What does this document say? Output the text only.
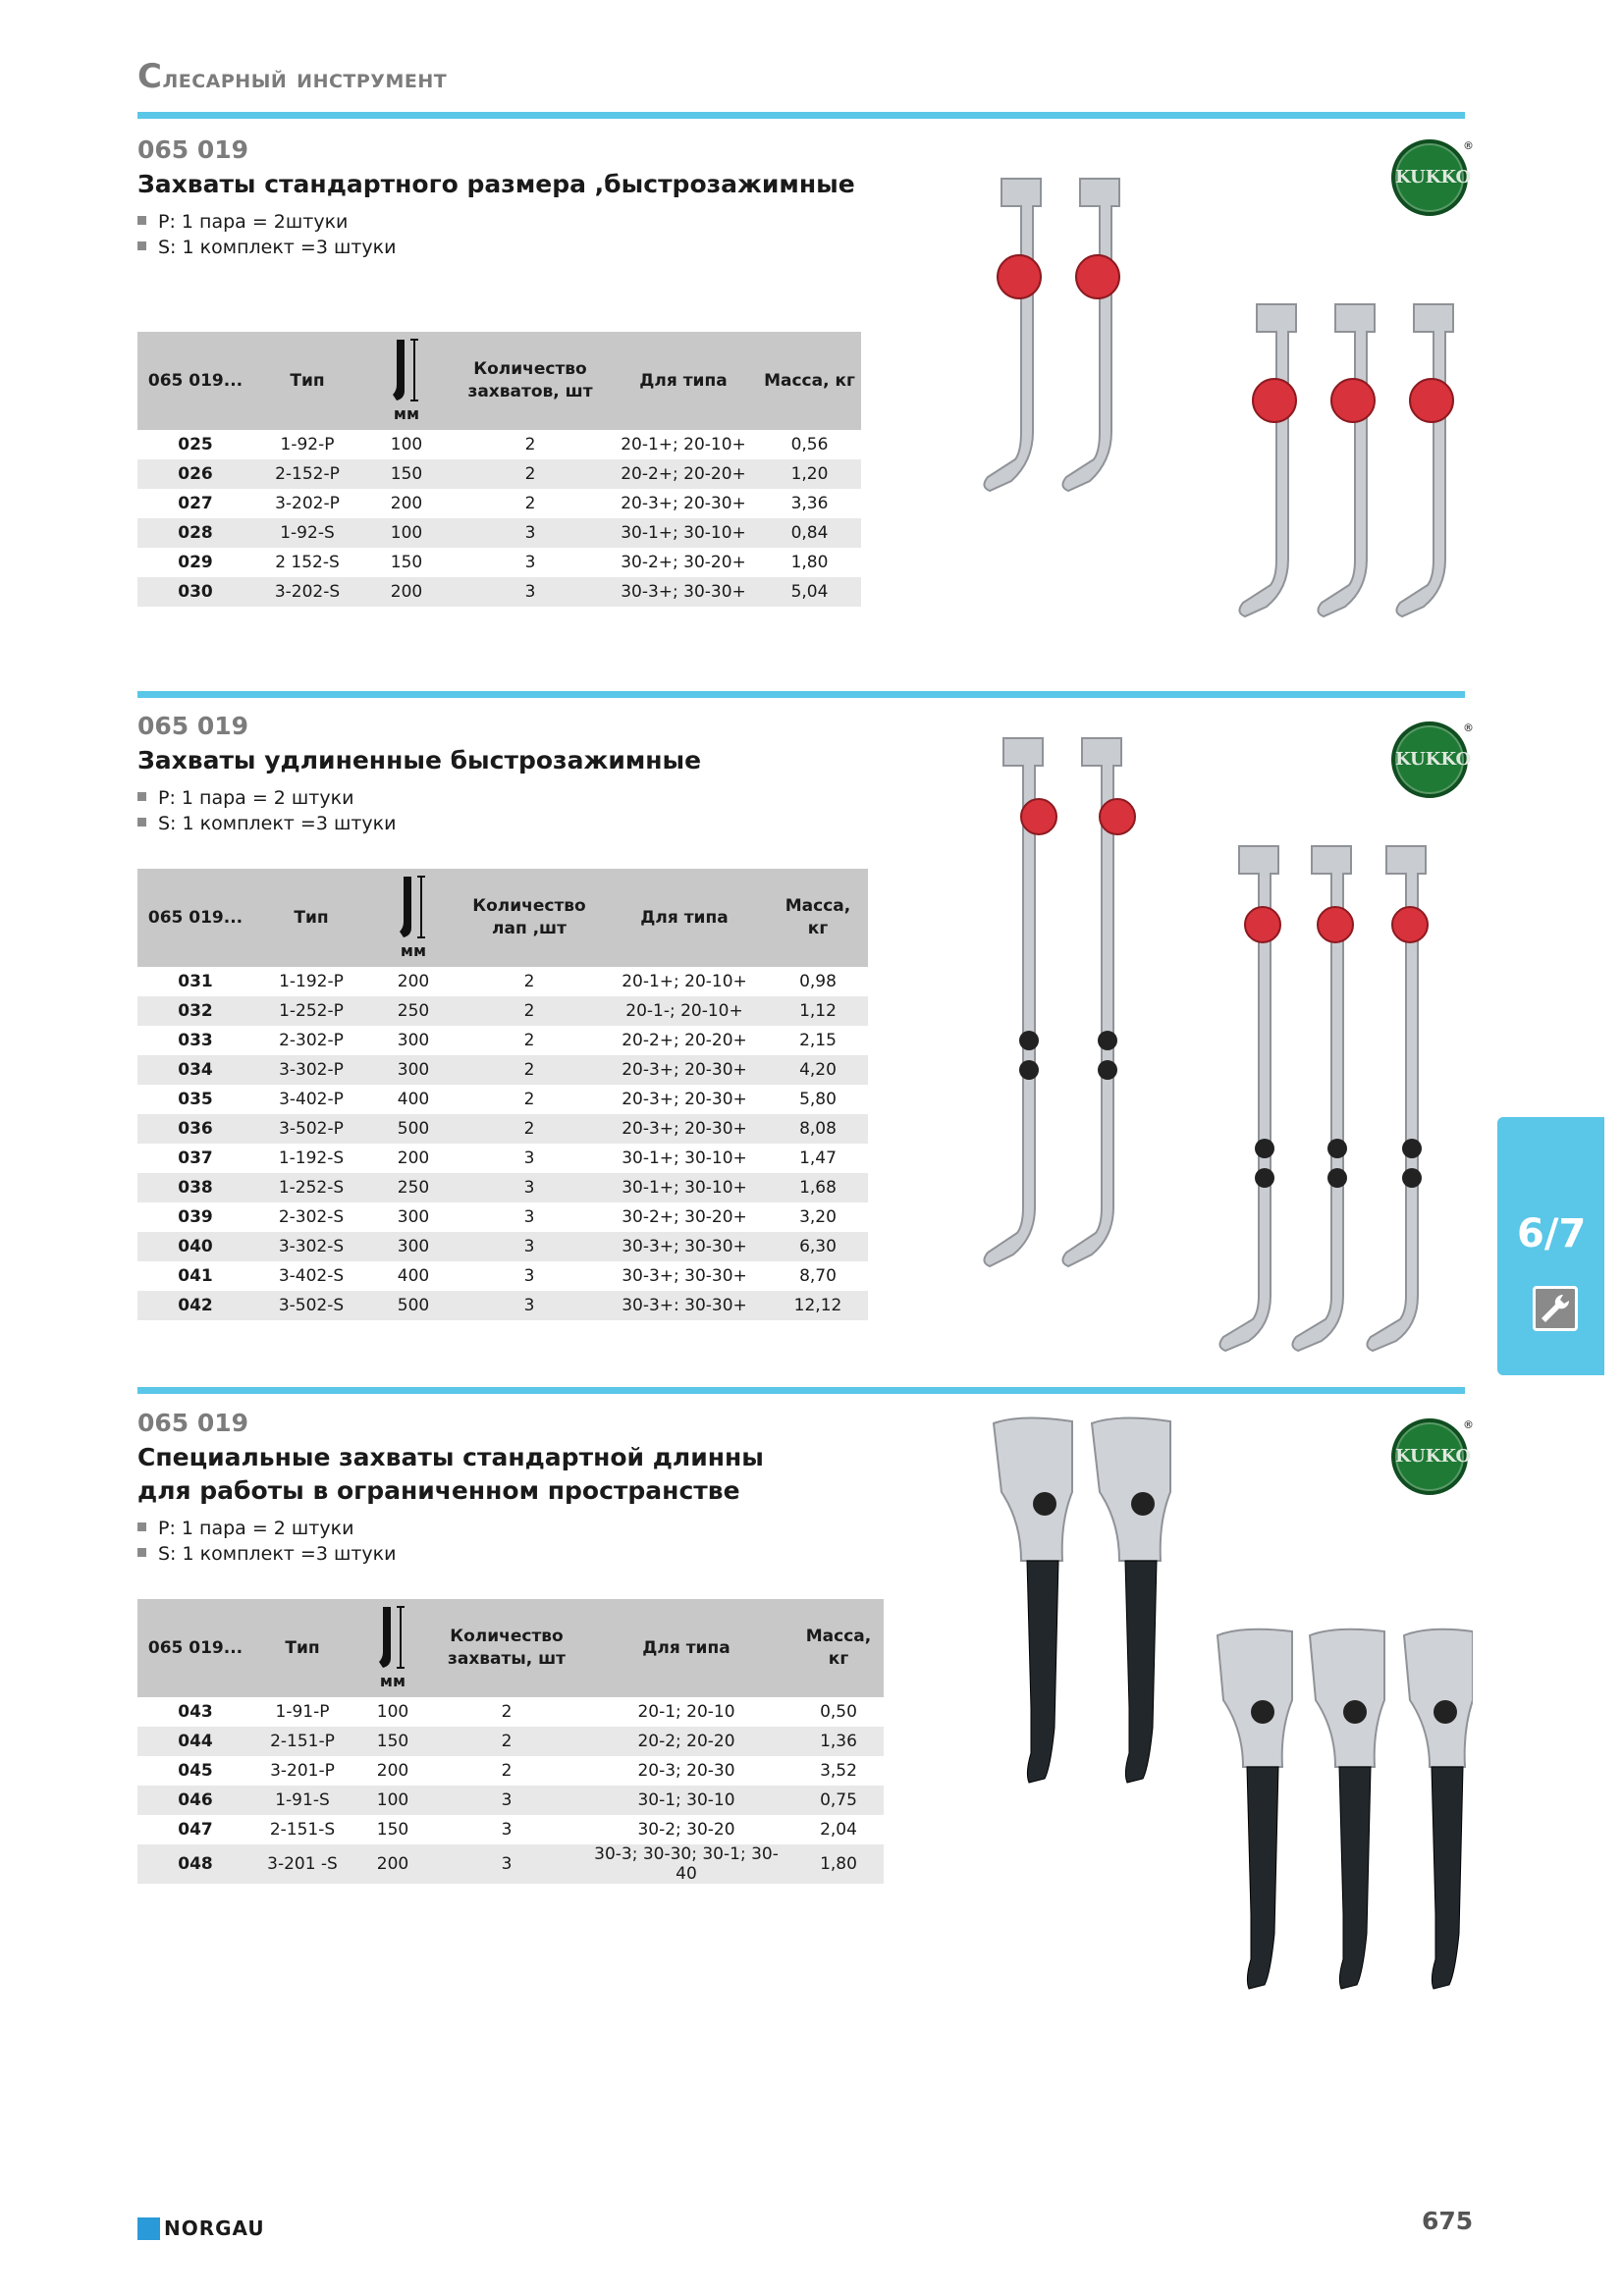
Слесарный инструмент
065 019
Захваты стандартного размера ,быстрозажимные
P: 1 пара = 2штуки
S: 1 комплект =3 штуки
065 019...	Тип	мм	Количество захватов, шт	Для типа	Масса, кг
025	1-92-P	100	2	20-1+; 20-10+	0,56
026	2-152-P	150	2	20-2+; 20-20+	1,20
027	3-202-P	200	2	20-3+; 20-30+	3,36
028	1-92-S	100	3	30-1+; 30-10+	0,84
029	2 152-S	150	3	30-2+; 30-20+	1,80
030	3-202-S	200	3	30-3+; 30-30+	5,04
KUKKO
®
065 019
Захваты удлиненные быстрозажимные
P: 1 пара = 2 штуки
S: 1 комплект =3 штуки
065 019...	Тип	мм	Количество лап ,шт	Для типа	Масса, кг
031	1-192-P	200	2	20-1+; 20-10+	0,98
032	1-252-P	250	2	20-1-; 20-10+	1,12
033	2-302-P	300	2	20-2+; 20-20+	2,15
034	3-302-P	300	2	20-3+; 20-30+	4,20
035	3-402-P	400	2	20-3+; 20-30+	5,80
036	3-502-P	500	2	20-3+; 20-30+	8,08
037	1-192-S	200	3	30-1+; 30-10+	1,47
038	1-252-S	250	3	30-1+; 30-10+	1,68
039	2-302-S	300	3	30-2+; 30-20+	3,20
040	3-302-S	300	3	30-3+; 30-30+	6,30
041	3-402-S	400	3	30-3+; 30-30+	8,70
042	3-502-S	500	3	30-3+: 30-30+	12,12
KUKKO
®
6/7
065 019
Специальные захваты стандартной длинны для работы в ограниченном пространстве
P: 1 пара = 2 штуки
S: 1 комплект =3 штуки
065 019...	Тип	мм	Количество захваты, шт	Для типа	Масса, кг
043	1-91-P	100	2	20-1; 20-10	0,50
044	2-151-P	150	2	20-2; 20-20	1,36
045	3-201-P	200	2	20-3; 20-30	3,52
046	1-91-S	100	3	30-1; 30-10	0,75
047	2-151-S	150	3	30-2; 30-20	2,04
048	3-201 -S	200	3	30-3; 30-30; 30-1; 30-40	1,80
KUKKO
®
NORGAU	675
